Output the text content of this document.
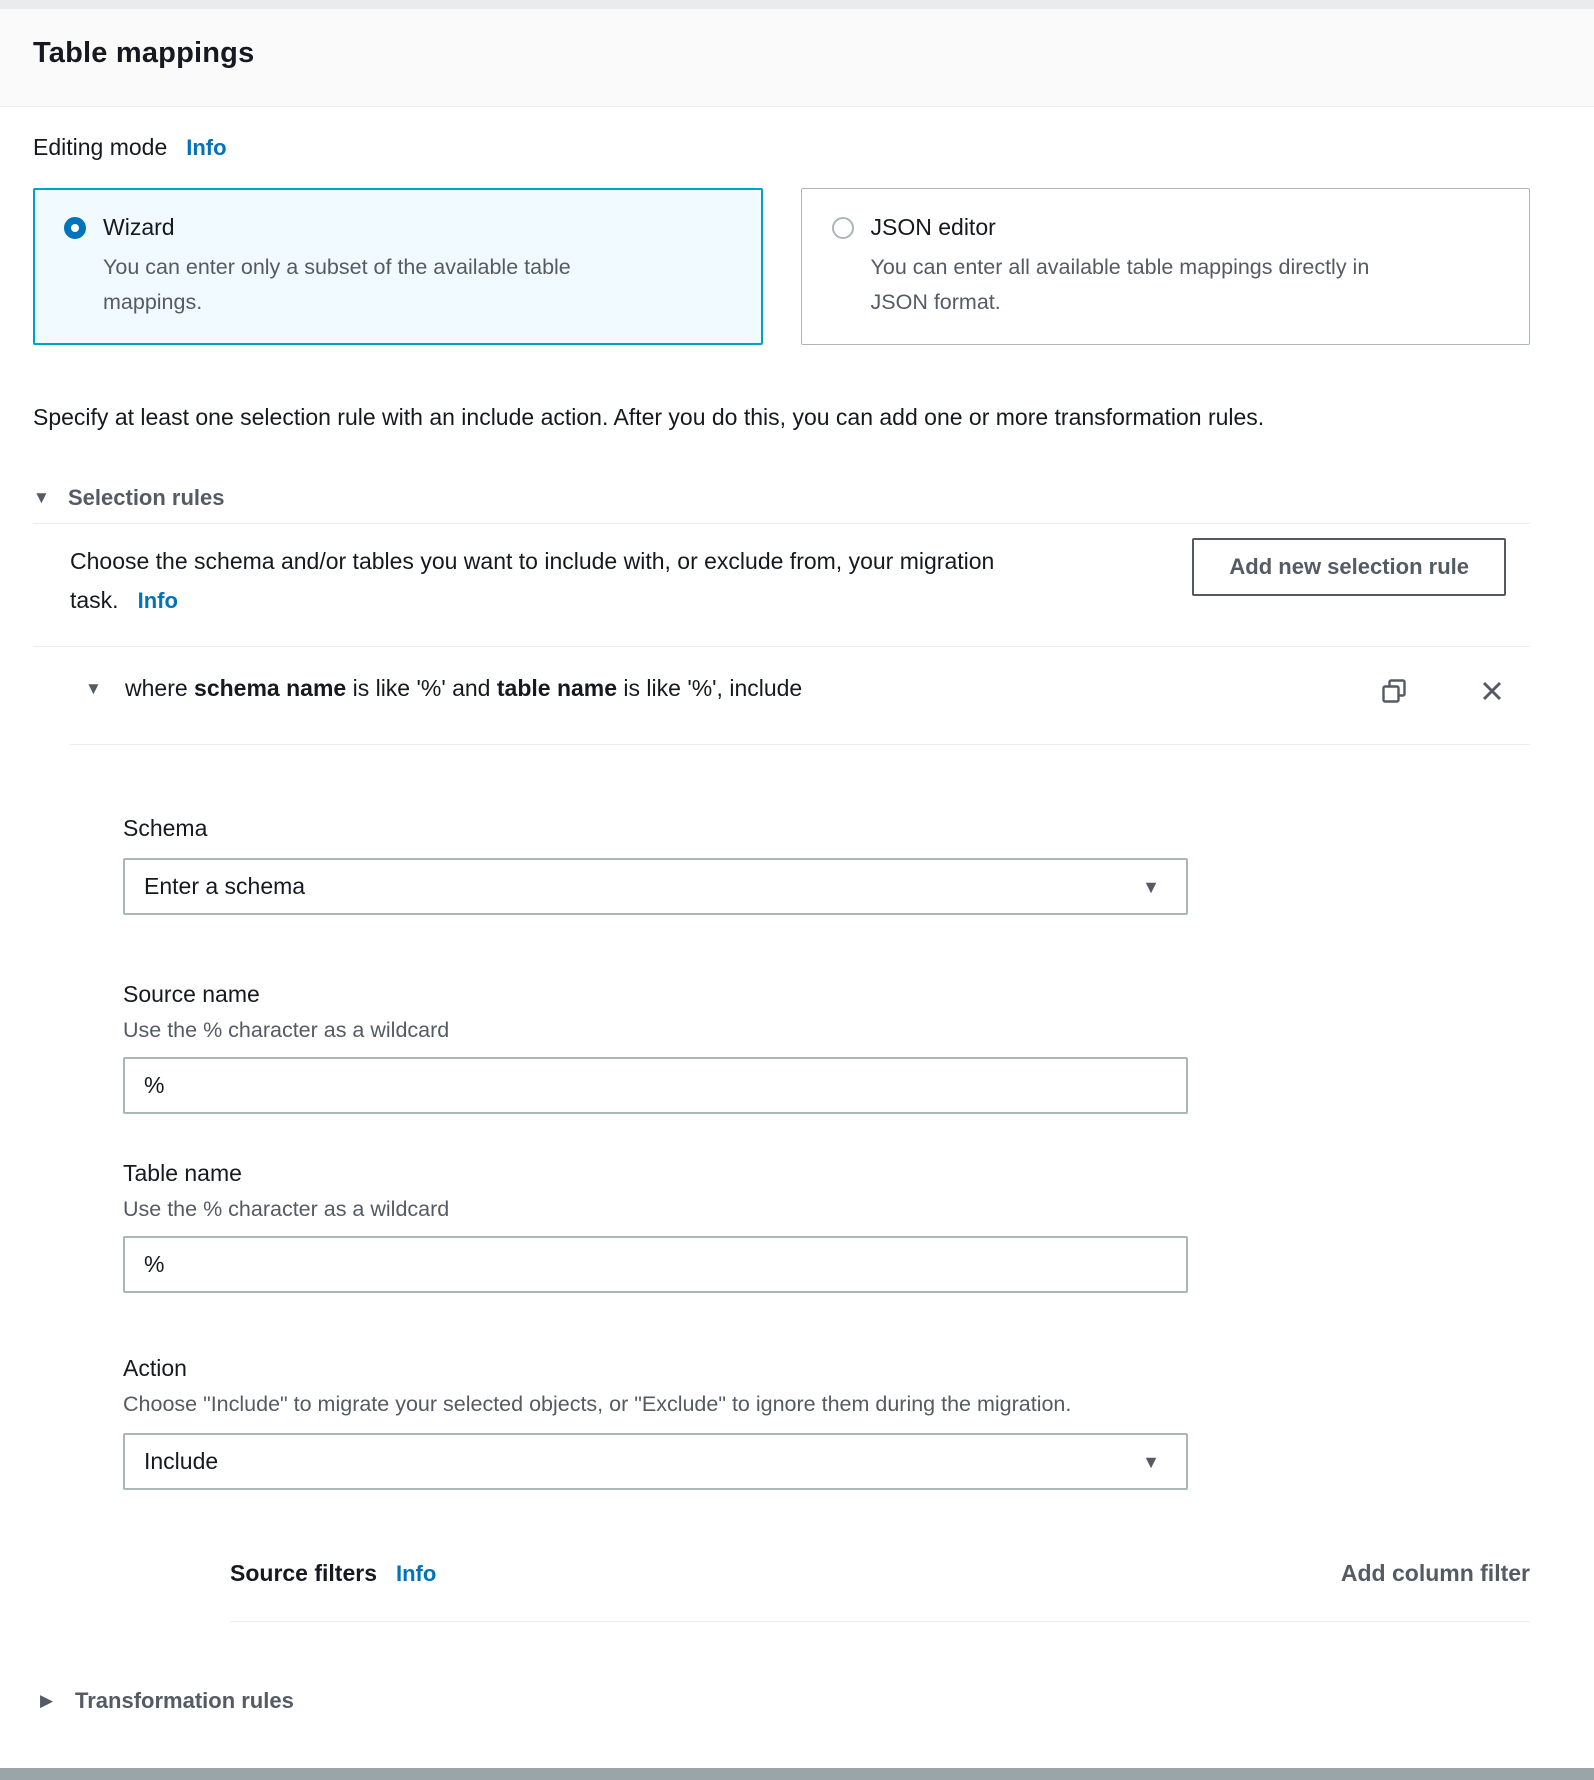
Table mappings
Editing mode Info
Wizard
You can enter only a subset of the available table mappings.
JSON editor
You can enter all available table mappings directly in JSON format.
Specify at least one selection rule with an include action. After you do this, you can add one or more transformation rules.
▼ Selection rules
Choose the schema and/or tables you want to include with, or exclude from, your migration task. Info
Add new selection rule
▼	where schema name is like '%' and table name is like '%', include
Schema
Enter a schema	▼
Source name
Use the % character as a wildcard
%
Table name
Use the % character as a wildcard
%
Action
Choose "Include" to migrate your selected objects, or "Exclude" to ignore them during the migration.
Include	▼
Source filters Info	Add column filter
▶ Transformation rules
